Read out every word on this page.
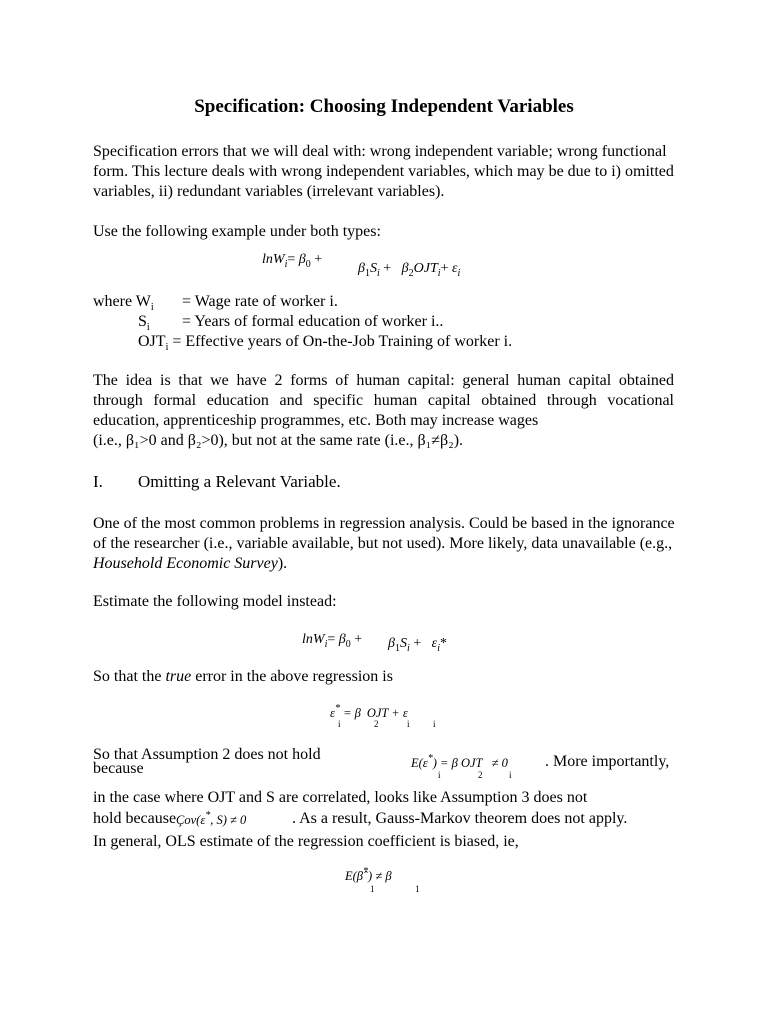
Specification: Choosing Independent Variables
Specification errors that we will deal with: wrong independent variable; wrong functional form. This lecture deals with wrong independent variables, which may be due to i) omitted variables, ii) redundant variables (irrelevant variables).
Use the following example under both types:
$\ln W_i= \beta_0$ +
$\beta_1S_i + \beta_2OJT_i+ \varepsilon_i$
where $W_i$ = Wage rate of worker i.
$S_i$ = Years of formal education of worker i..
$OJT_i$ = Effective years of On-the-Job Training of worker i.
The idea is that we have 2 forms of human capital: general human capital obtained through formal education and specific human capital obtained through vocational education, apprenticeship programmes, etc. Both may increase wages
(i.e., β₁>0 and β₂>0), but not at the same rate (i.e., β₁≠β₂).
I. Omitting a Relevant Variable.
One of the most common problems in regression analysis. Could be based in the ignorance of the researcher (i.e., variable available, but not used). More likely, data unavailable (e.g., Household Economic Survey).
Estimate the following model instead:
$\ln W_i= \beta_0 + \beta_1S_i + \varepsilon_i*$
So that the true error in the above regression is
ε* = β OJT + ε
i	2	i	i
So that Assumption 2 does not hold
because	E(ε*) = β OJT   ≠ 0
i	2	i
. More importantly,
in the case where OJT and S are correlated, looks like Assumption 3 does not
hold because Çov(ε*, S) ≠ 0	. As a result, Gauss-Markov theorem does not apply.
In general, OLS estimate of the regression coefficient is biased, ie,
E(β̂*) ≠ β
1	1
